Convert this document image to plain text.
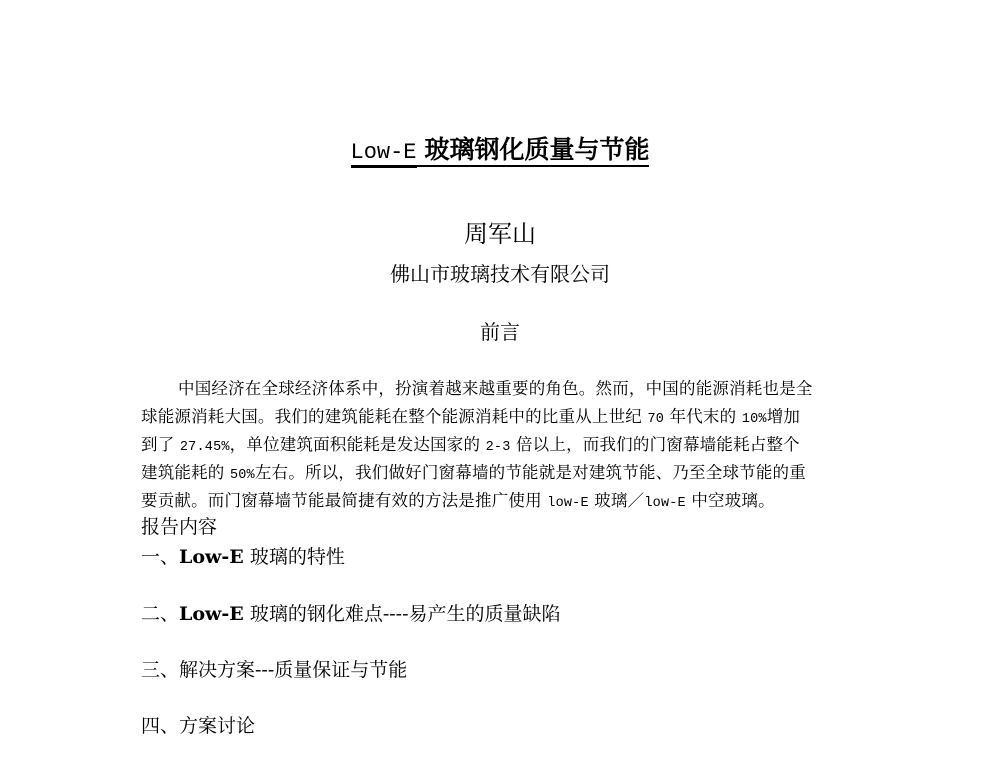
Low-E 玻璃钢化质量与节能
周军山
佛山市玻璃技术有限公司
前言
中国经济在全球经济体系中，扮演着越来越重要的角色。然而，中国的能源消耗也是全
球能源消耗大国。我们的建筑能耗在整个能源消耗中的比重从上世纪 70 年代末的 10%增加
到了 27.45%，单位建筑面积能耗是发达国家的 2-3 倍以上，而我们的门窗幕墙能耗占整个
建筑能耗的 50%左右。所以，我们做好门窗幕墙的节能就是对建筑节能、乃至全球节能的重
要贡献。而门窗幕墙节能最简捷有效的方法是推广使用 low-E 玻璃／low-E 中空玻璃。
报告内容
一、Low-E 玻璃的特性
二、Low-E 玻璃的钢化难点----易产生的质量缺陷
三、解决方案---质量保证与节能
四、方案讨论
